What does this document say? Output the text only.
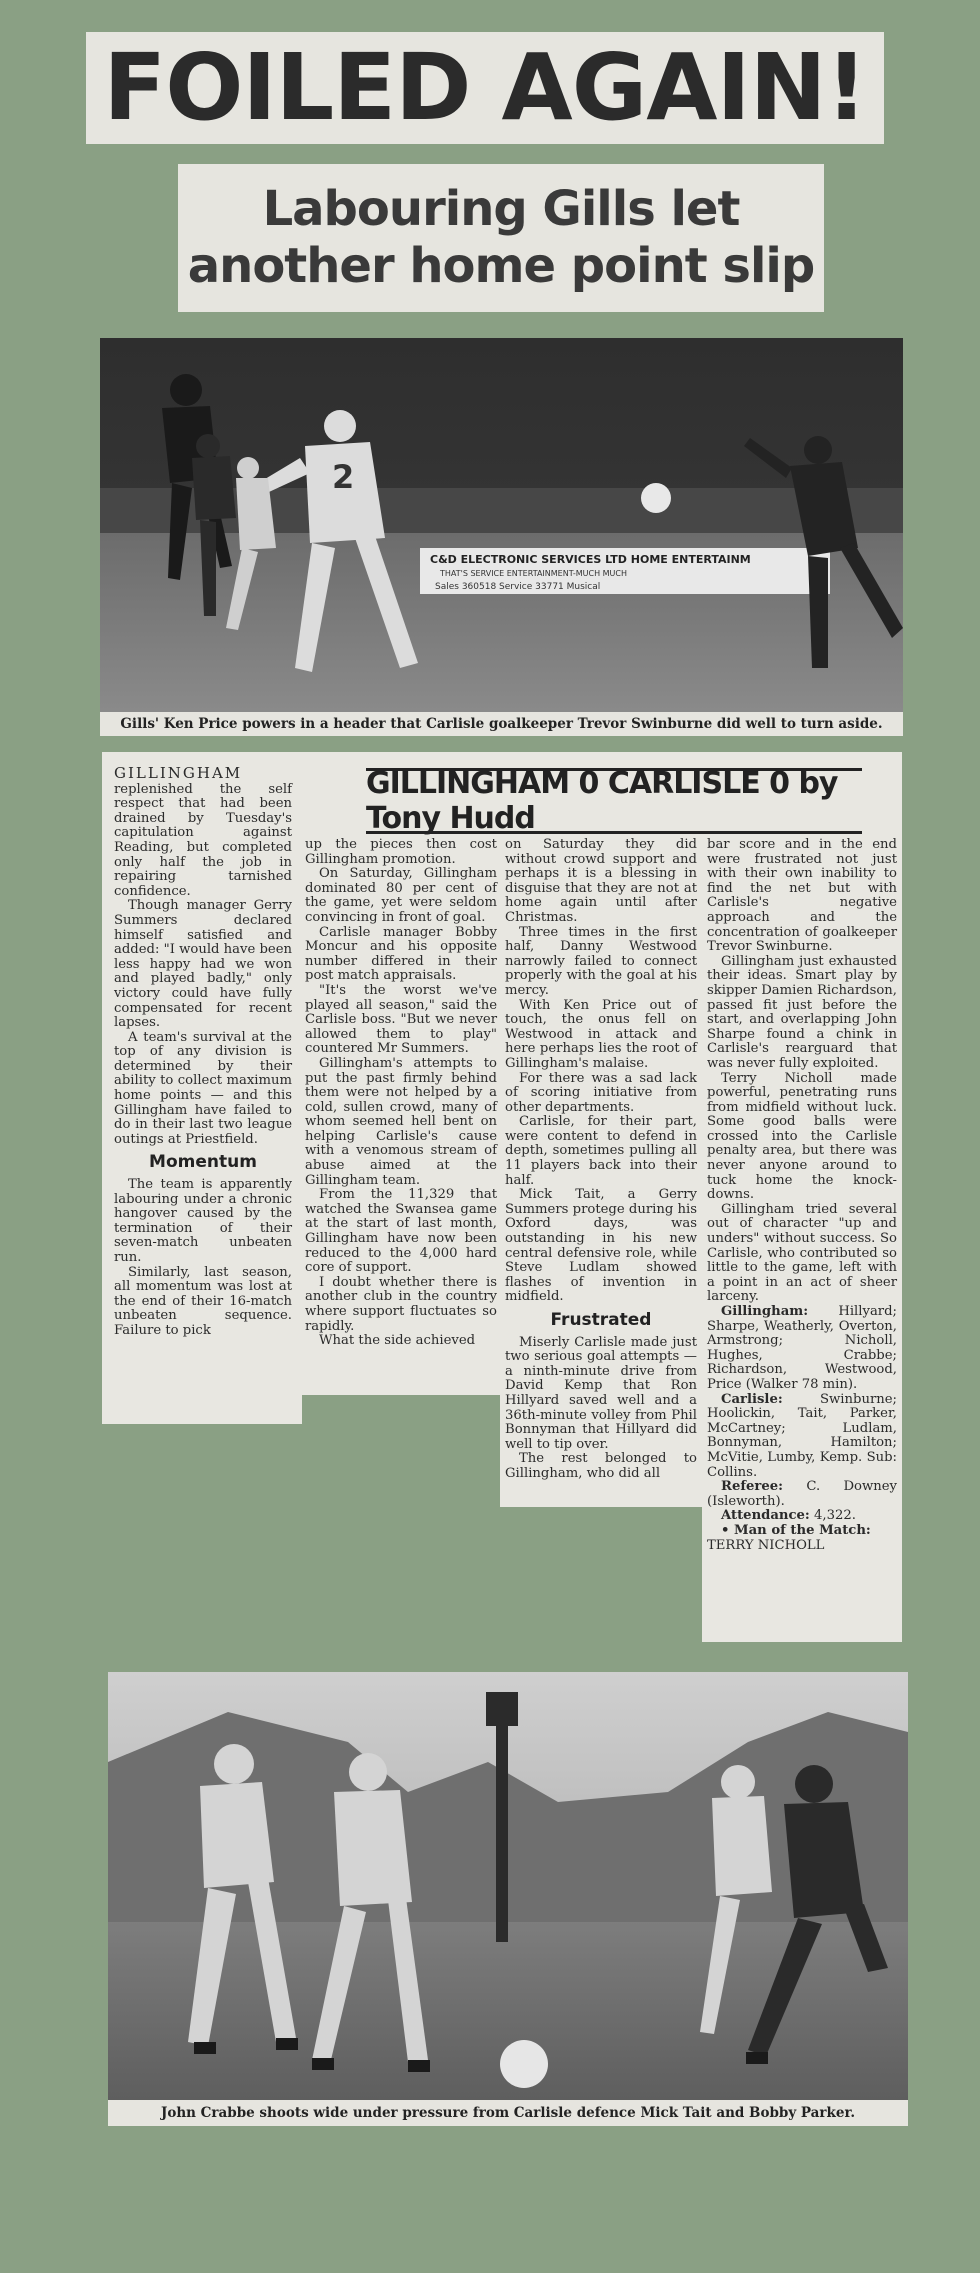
FOILED AGAIN!
Labouring Gills let
another home point slip
C&D ELECTRONIC SERVICES LTD HOME ENTERTAINM
THAT'S SERVICE ENTERTAINMENT-MUCH MUCH
Sales 360518 Service 33771 Musical
2
Gills' Ken Price powers in a header that Carlisle goalkeeper Trevor Swinburne did well to turn aside.
GILLINGHAM 0 CARLISLE 0 by Tony Hudd

GILLINGHAM

replenished the self respect that had been drained by Tuesday's capitulation against Reading, but completed only half the job in repairing tarnished confidence.

Though manager Gerry Summers declared himself satisfied and added: "I would have been less happy had we won and played badly," only victory could have fully compensated for recent lapses.

A team's survival at the top of any division is determined by their ability to collect maximum home points — and this Gillingham have failed to do in their last two league outings at Priestfield.

Momentum

The team is apparently labouring under a chronic hangover caused by the termination of their seven-match unbeaten run.

Similarly, last season, all momentum was lost at the end of their 16-match unbeaten sequence. Failure to pick

up the pieces then cost Gillingham promotion.

On Saturday, Gillingham dominated 80 per cent of the game, yet were seldom convincing in front of goal.

Carlisle manager Bobby Moncur and his opposite number differed in their post match appraisals.

"It's the worst we've played all season," said the Carlisle boss. "But we never allowed them to play" countered Mr Summers.

Gillingham's attempts to put the past firmly behind them were not helped by a cold, sullen crowd, many of whom seemed hell bent on helping Carlisle's cause with a venomous stream of abuse aimed at the Gillingham team.

From the 11,329 that watched the Swansea game at the start of last month, Gillingham have now been reduced to the 4,000 hard core of support.

I doubt whether there is another club in the country where support fluctuates so rapidly.

What the side achieved

on Saturday they did without crowd support and perhaps it is a blessing in disguise that they are not at home again until after Christmas.

Three times in the first half, Danny Westwood narrowly failed to connect properly with the goal at his mercy.

With Ken Price out of touch, the onus fell on Westwood in attack and here perhaps lies the root of Gillingham's malaise.

For there was a sad lack of scoring initiative from other departments.

Carlisle, for their part, were content to defend in depth, sometimes pulling all 11 players back into their half.

Mick Tait, a Gerry Summers protege during his Oxford days, was outstanding in his new central defensive role, while Steve Ludlam showed flashes of invention in midfield.

Frustrated

Miserly Carlisle made just two serious goal attempts — a ninth-minute drive from David Kemp that Ron Hillyard saved well and a 36th-minute volley from Phil Bonnyman that Hillyard did well to tip over.

The rest belonged to Gillingham, who did all

bar score and in the end were frustrated not just with their own inability to find the net but with Carlisle's negative approach and the concentration of goalkeeper Trevor Swinburne.

Gillingham just exhausted their ideas. Smart play by skipper Damien Richardson, passed fit just before the start, and overlapping John Sharpe found a chink in Carlisle's rearguard that was never fully exploited.

Terry Nicholl made powerful, penetrating runs from midfield without luck. Some good balls were crossed into the Carlisle penalty area, but there was never anyone around to tuck home the knock-downs.

Gillingham tried several out of character "up and unders" without success. So Carlisle, who contributed so little to the game, left with a point in an act of sheer larceny.

Gillingham: Hillyard; Sharpe, Weatherly, Overton, Armstrong; Nicholl, Hughes, Crabbe; Richardson, Westwood, Price (Walker 78 min).

Carlisle:	Swinburne; Hoolickin, Tait, Parker, McCartney; Ludlam, Bonnyman, Hamilton; McVitie, Lumby, Kemp. Sub: Collins.

Referee: C. Downey (Isleworth).

Attendance: 4,322.

• Man of the Match:

TERRY NICHOLL

John Crabbe shoots wide under pressure from Carlisle defence Mick Tait and Bobby Parker.
